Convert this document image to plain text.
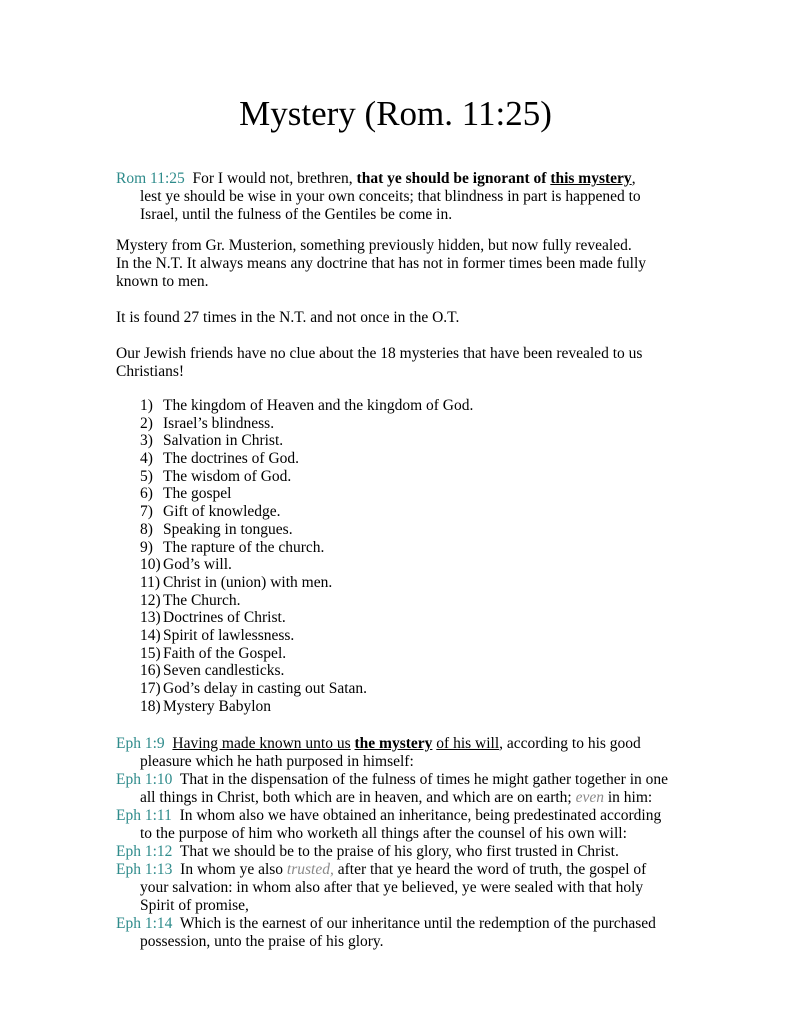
Mystery (Rom. 11:25)
Rom 11:25 For I would not, brethren, that ye should be ignorant of this mystery,
lest ye should be wise in your own conceits; that blindness in part is happened to
Israel, until the fulness of the Gentiles be come in.
Mystery from Gr. Musterion, something previously hidden, but now fully revealed.
In the N.T. It always means any doctrine that has not in former times been made fully
known to men.
It is found 27 times in the N.T. and not once in the O.T.
Our Jewish friends have no clue about the 18 mysteries that have been revealed to us
Christians!
1) The kingdom of Heaven and the kingdom of God.
2) Israel’s blindness.
3) Salvation in Christ.
4) The doctrines of God.
5) The wisdom of God.
6) The gospel
7) Gift of knowledge.
8) Speaking in tongues.
9) The rapture of the church.
10) God’s will.
11) Christ in (union) with men.
12) The Church.
13) Doctrines of Christ.
14) Spirit of lawlessness.
15) Faith of the Gospel.
16) Seven candlesticks.
17) God’s delay in casting out Satan.
18) Mystery Babylon
Eph 1:9 Having made known unto us the mystery of his will, according to his good
pleasure which he hath purposed in himself:
Eph 1:10 That in the dispensation of the fulness of times he might gather together in one
all things in Christ, both which are in heaven, and which are on earth; even in him:
Eph 1:11 In whom also we have obtained an inheritance, being predestinated according
to the purpose of him who worketh all things after the counsel of his own will:
Eph 1:12 That we should be to the praise of his glory, who first trusted in Christ.
Eph 1:13 In whom ye also trusted, after that ye heard the word of truth, the gospel of
your salvation: in whom also after that ye believed, ye were sealed with that holy
Spirit of promise,
Eph 1:14 Which is the earnest of our inheritance until the redemption of the purchased
possession, unto the praise of his glory.
